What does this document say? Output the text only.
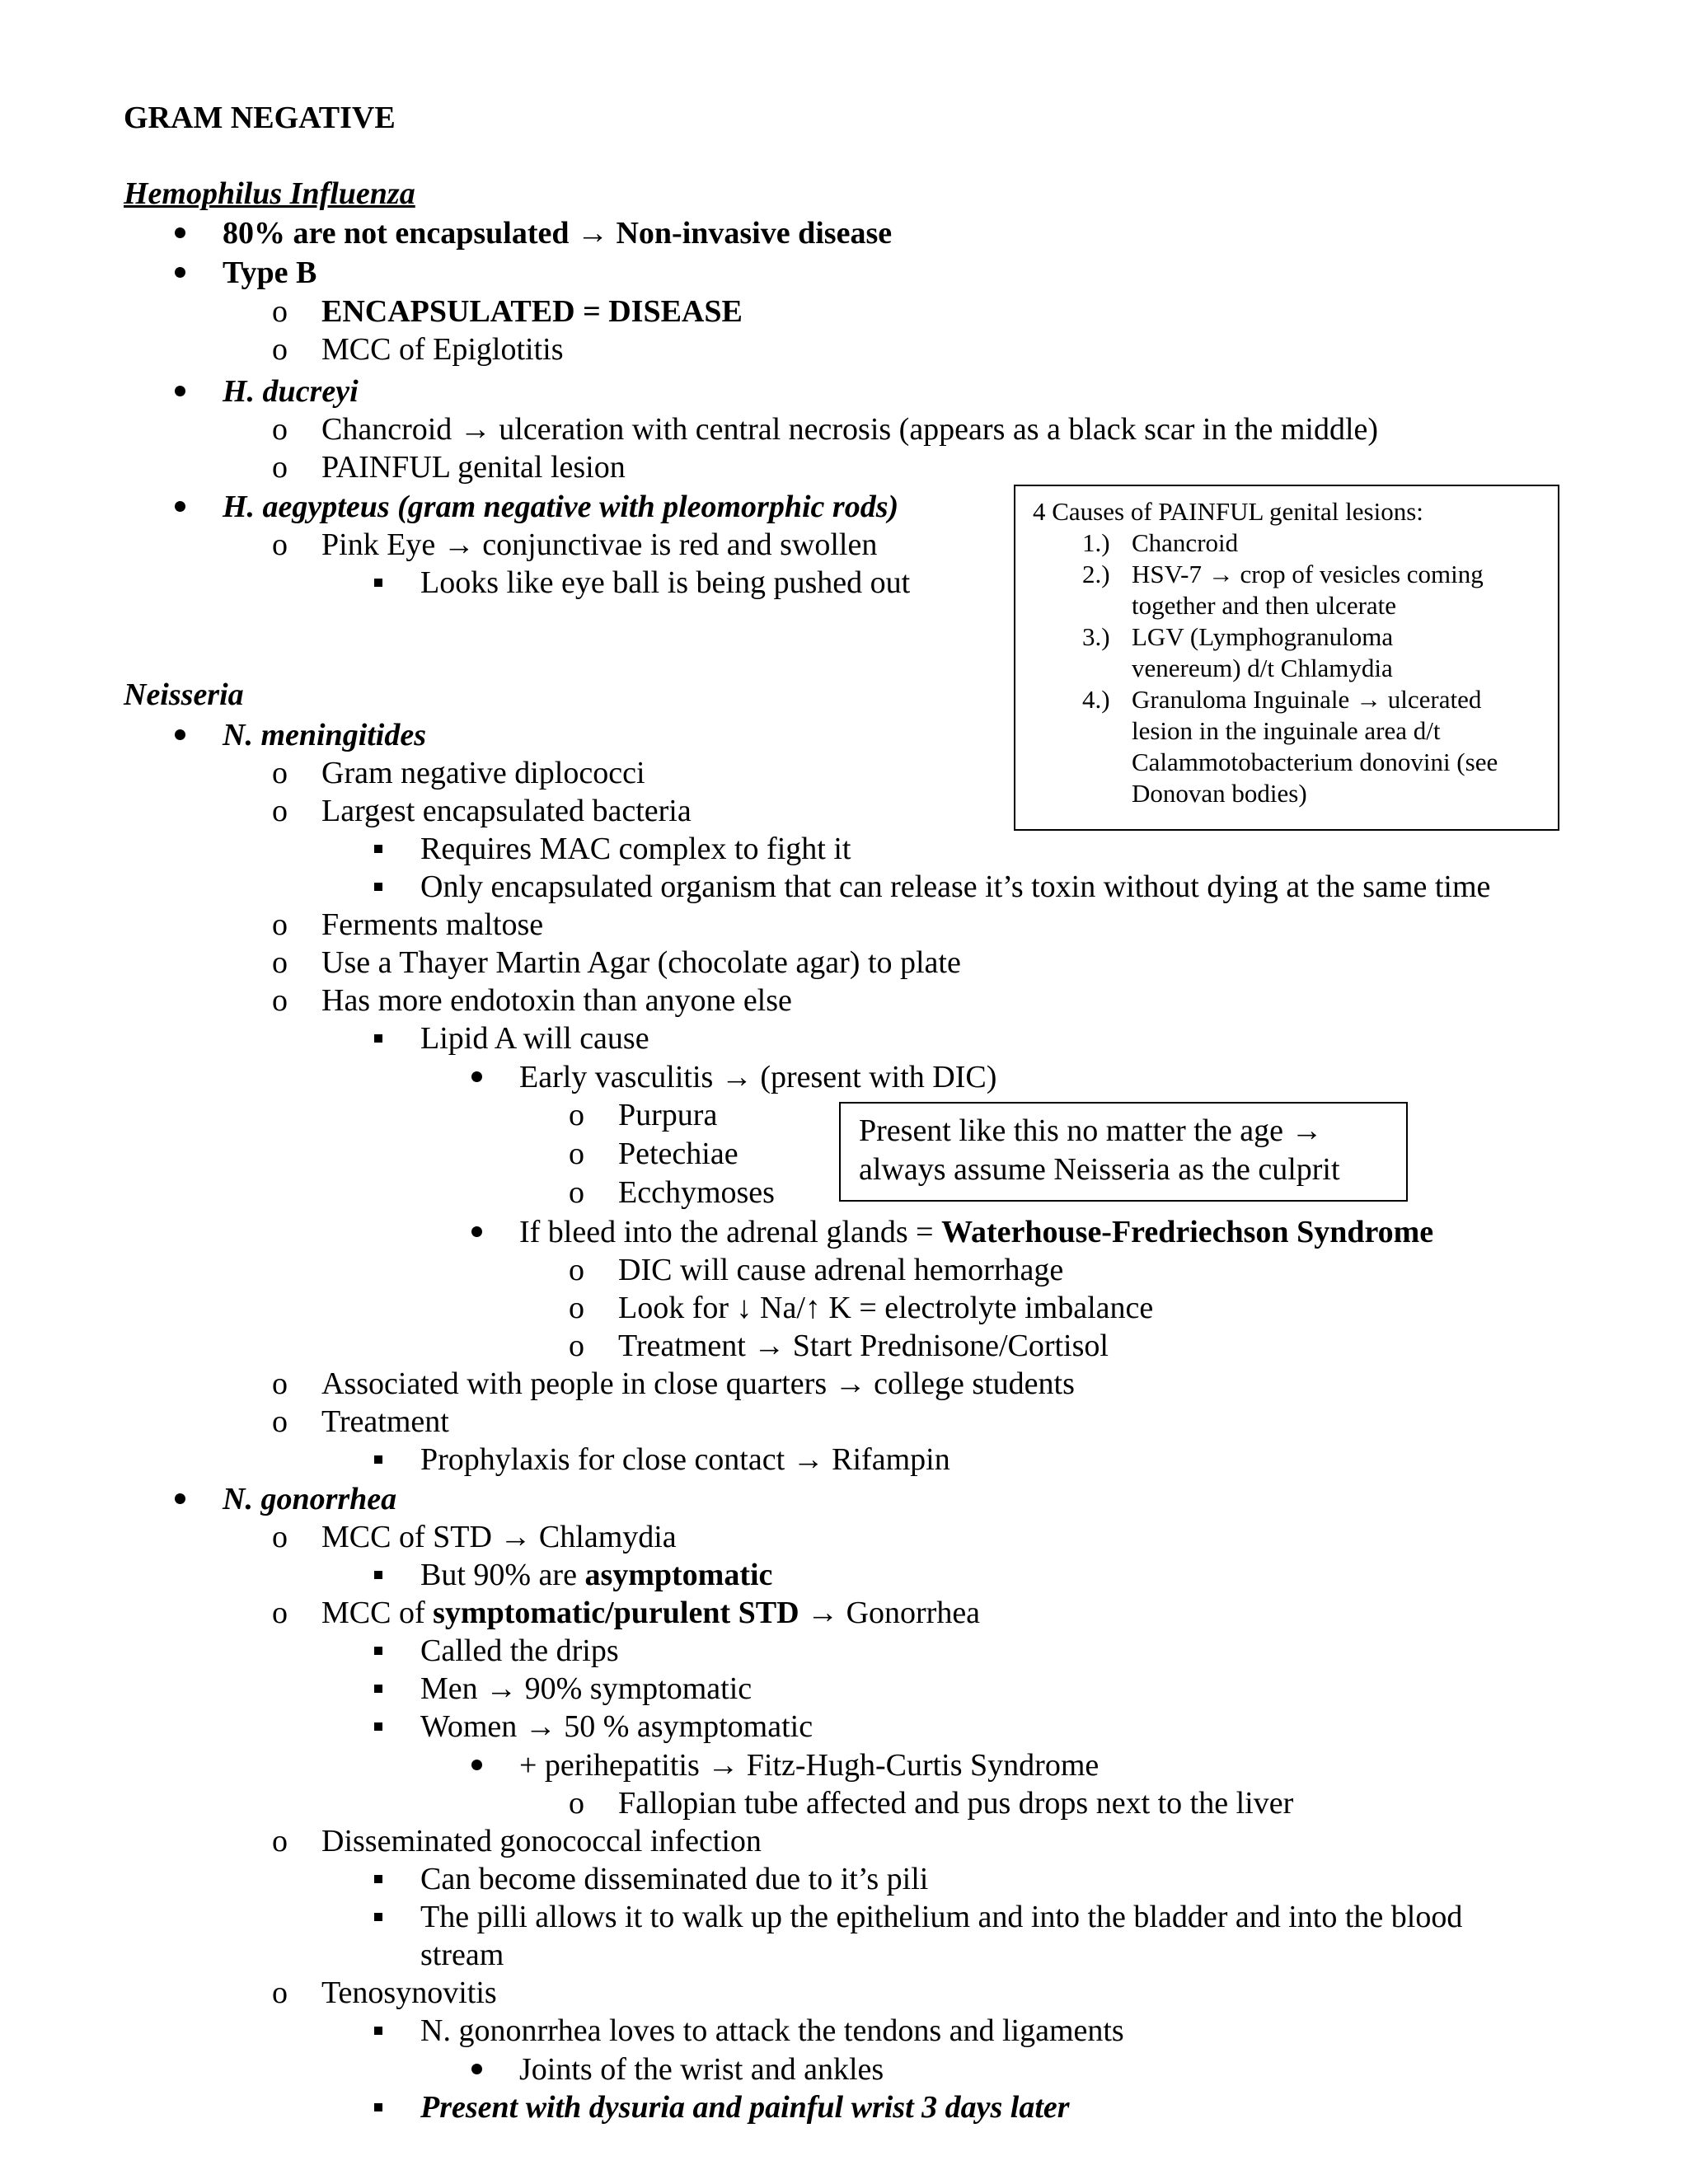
GRAM NEGATIVE
Hemophilus Influenza
80% are not encapsulated → Non-invasive disease
Type B
o ENCAPSULATED = DISEASE
o MCC of Epiglotitis
H. ducreyi
o Chancroid → ulceration with central necrosis (appears as a black scar in the middle)
o PAINFUL genital lesion
H. aegypteus (gram negative with pleomorphic rods)
o Pink Eye → conjunctivae is red and swollen
Looks like eye ball is being pushed out
4 Causes of PAINFUL genital lesions:
1.) Chancroid
2.) HSV-7 → crop of vesicles coming
together and then ulcerate
3.) LGV (Lymphogranuloma
venereum) d/t Chlamydia
4.) Granuloma Inguinale → ulcerated
lesion in the inguinale area d/t
Calammotobacterium donovini (see
Donovan bodies)
Neisseria
N. meningitides
o Gram negative diplococci
o Largest encapsulated bacteria
Requires MAC complex to fight it
Only encapsulated organism that can release it’s toxin without dying at the same time
o Ferments maltose
o Use a Thayer Martin Agar (chocolate agar) to plate
o Has more endotoxin than anyone else
Lipid A will cause
Early vasculitis → (present with DIC)
o Purpura
o Petechiae
o Ecchymoses
Present like this no matter the age →
always assume Neisseria as the culprit
If bleed into the adrenal glands = Waterhouse-Fredriechson Syndrome
o DIC will cause adrenal hemorrhage
o Look for ↓ Na/↑ K = electrolyte imbalance
o Treatment → Start Prednisone/Cortisol
o Associated with people in close quarters → college students
o Treatment
Prophylaxis for close contact → Rifampin
N. gonorrhea
o MCC of STD → Chlamydia
But 90% are asymptomatic
o MCC of symptomatic/purulent STD → Gonorrhea
Called the drips
Men → 90% symptomatic
Women → 50 % asymptomatic
+ perihepatitis → Fitz-Hugh-Curtis Syndrome
o Fallopian tube affected and pus drops next to the liver
o Disseminated gonococcal infection
Can become disseminated due to it’s pili
The pilli allows it to walk up the epithelium and into the bladder and into the blood
stream
o Tenosynovitis
N. gononrrhea loves to attack the tendons and ligaments
Joints of the wrist and ankles
Present with dysuria and painful wrist 3 days later
